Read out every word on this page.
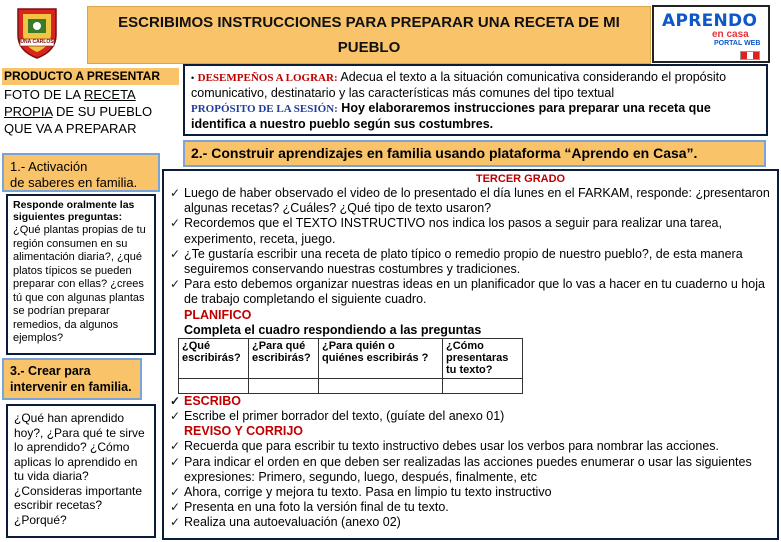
UNA CARLOS
ESCRIBIMOS INSTRUCCIONES PARA PREPARAR UNA RECETA DE MI PUEBLO
APRENDO
en casa
PORTAL WEB
PRODUCTO A PRESENTAR
FOTO DE LA RECETA PROPIA DE SU PUEBLO QUE VA A PREPARAR
1.- Activación
de saberes en familia.
Responde oralmente las siguientes preguntas:
¿Qué plantas propias de tu región consumen en su alimentación diaria?, ¿qué platos típicos se pueden preparar con ellas? ¿crees tú que con algunas plantas se podrían preparar remedios, da algunos ejemplos?
3.- Crear para
intervenir en familia.
¿Qué han aprendido hoy?, ¿Para qué te sirve lo aprendido? ¿Cómo aplicas lo aprendido en tu vida diaria? ¿Consideras importante escribir recetas? ¿Porqué?
• DESEMPEÑOS A LOGRAR: Adecua el texto a la situación comunicativa considerando el propósito comunicativo, destinatario y las características más comunes del tipo textual
PROPÓSITO DE LA SESIÓN: Hoy elaboraremos instrucciones para preparar una receta que identifica a nuestro pueblo según sus costumbres.
2.- Construir aprendizajes en familia usando plataforma “Aprendo en Casa”.
TERCER GRADO
✓ Luego de haber observado el video de lo presentado el día lunes en el FARKAM, responde: ¿presentaron algunas recetas? ¿Cuáles? ¿Qué tipo de texto usaron?
✓ Recordemos que el TEXTO INSTRUCTIVO nos indica los pasos a seguir para realizar una tarea, experimento, receta, juego.
✓ ¿Te gustaría escribir una receta de plato típico o remedio propio de nuestro pueblo?, de esta manera seguiremos conservando nuestras costumbres y tradiciones.
✓ Para esto debemos organizar nuestras ideas en un planificador que lo vas a hacer en tu cuaderno u hoja de trabajo completando el siguiente cuadro.
PLANIFICO
Completa el cuadro respondiendo a las preguntas
¿Qué escribirás?	¿Para qué escribirás?	¿Para quién o quiénes escribirás ?	¿Cómo presentaras tu texto?

✓ ESCRIBO
✓ Escribe el primer borrador del texto, (guíate del anexo 01)
REVISO Y CORRIJO
✓ Recuerda que para escribir tu texto instructivo debes usar los verbos para nombrar las acciones.
✓ Para indicar el orden en que deben ser realizadas las acciones puedes enumerar o usar las siguientes expresiones: Primero, segundo, luego, después, finalmente, etc
✓ Ahora, corrige y mejora tu texto. Pasa en limpio tu texto instructivo
✓ Presenta en una foto la versión final de tu texto.
✓ Realiza una autoevaluación (anexo 02)
